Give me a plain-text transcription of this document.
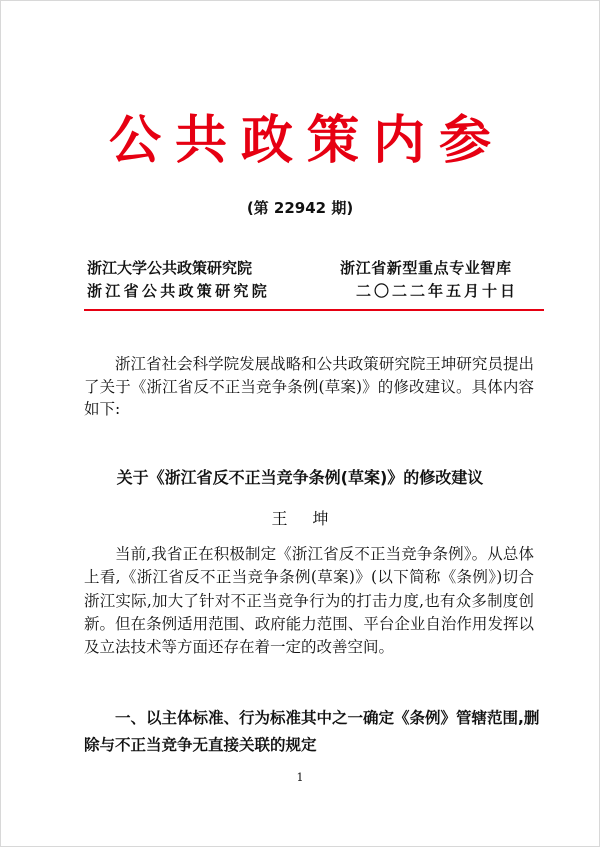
公共政策内参
(第 22942 期)
浙江大学公共政策研究院
浙江省公共政策研究院
浙江省新型重点专业智库
二〇二二年五月十日
浙江省社会科学院发展战略和公共政策研究院王坤研究员提出了关于《浙江省反不正当竞争条例(草案)》的修改建议。具体内容如下:
关于《浙江省反不正当竞争条例(草案)》的修改建议
王 坤
当前,我省正在积极制定《浙江省反不正当竞争条例》。从总体上看,《浙江省反不正当竞争条例(草案)》(以下简称《条例》)切合浙江实际,加大了针对不正当竞争行为的打击力度,也有众多制度创新。但在条例适用范围、政府能力范围、平台企业自治作用发挥以及立法技术等方面还存在着一定的改善空间。
一、以主体标准、行为标准其中之一确定《条例》管辖范围,删除与不正当竞争无直接关联的规定
1
